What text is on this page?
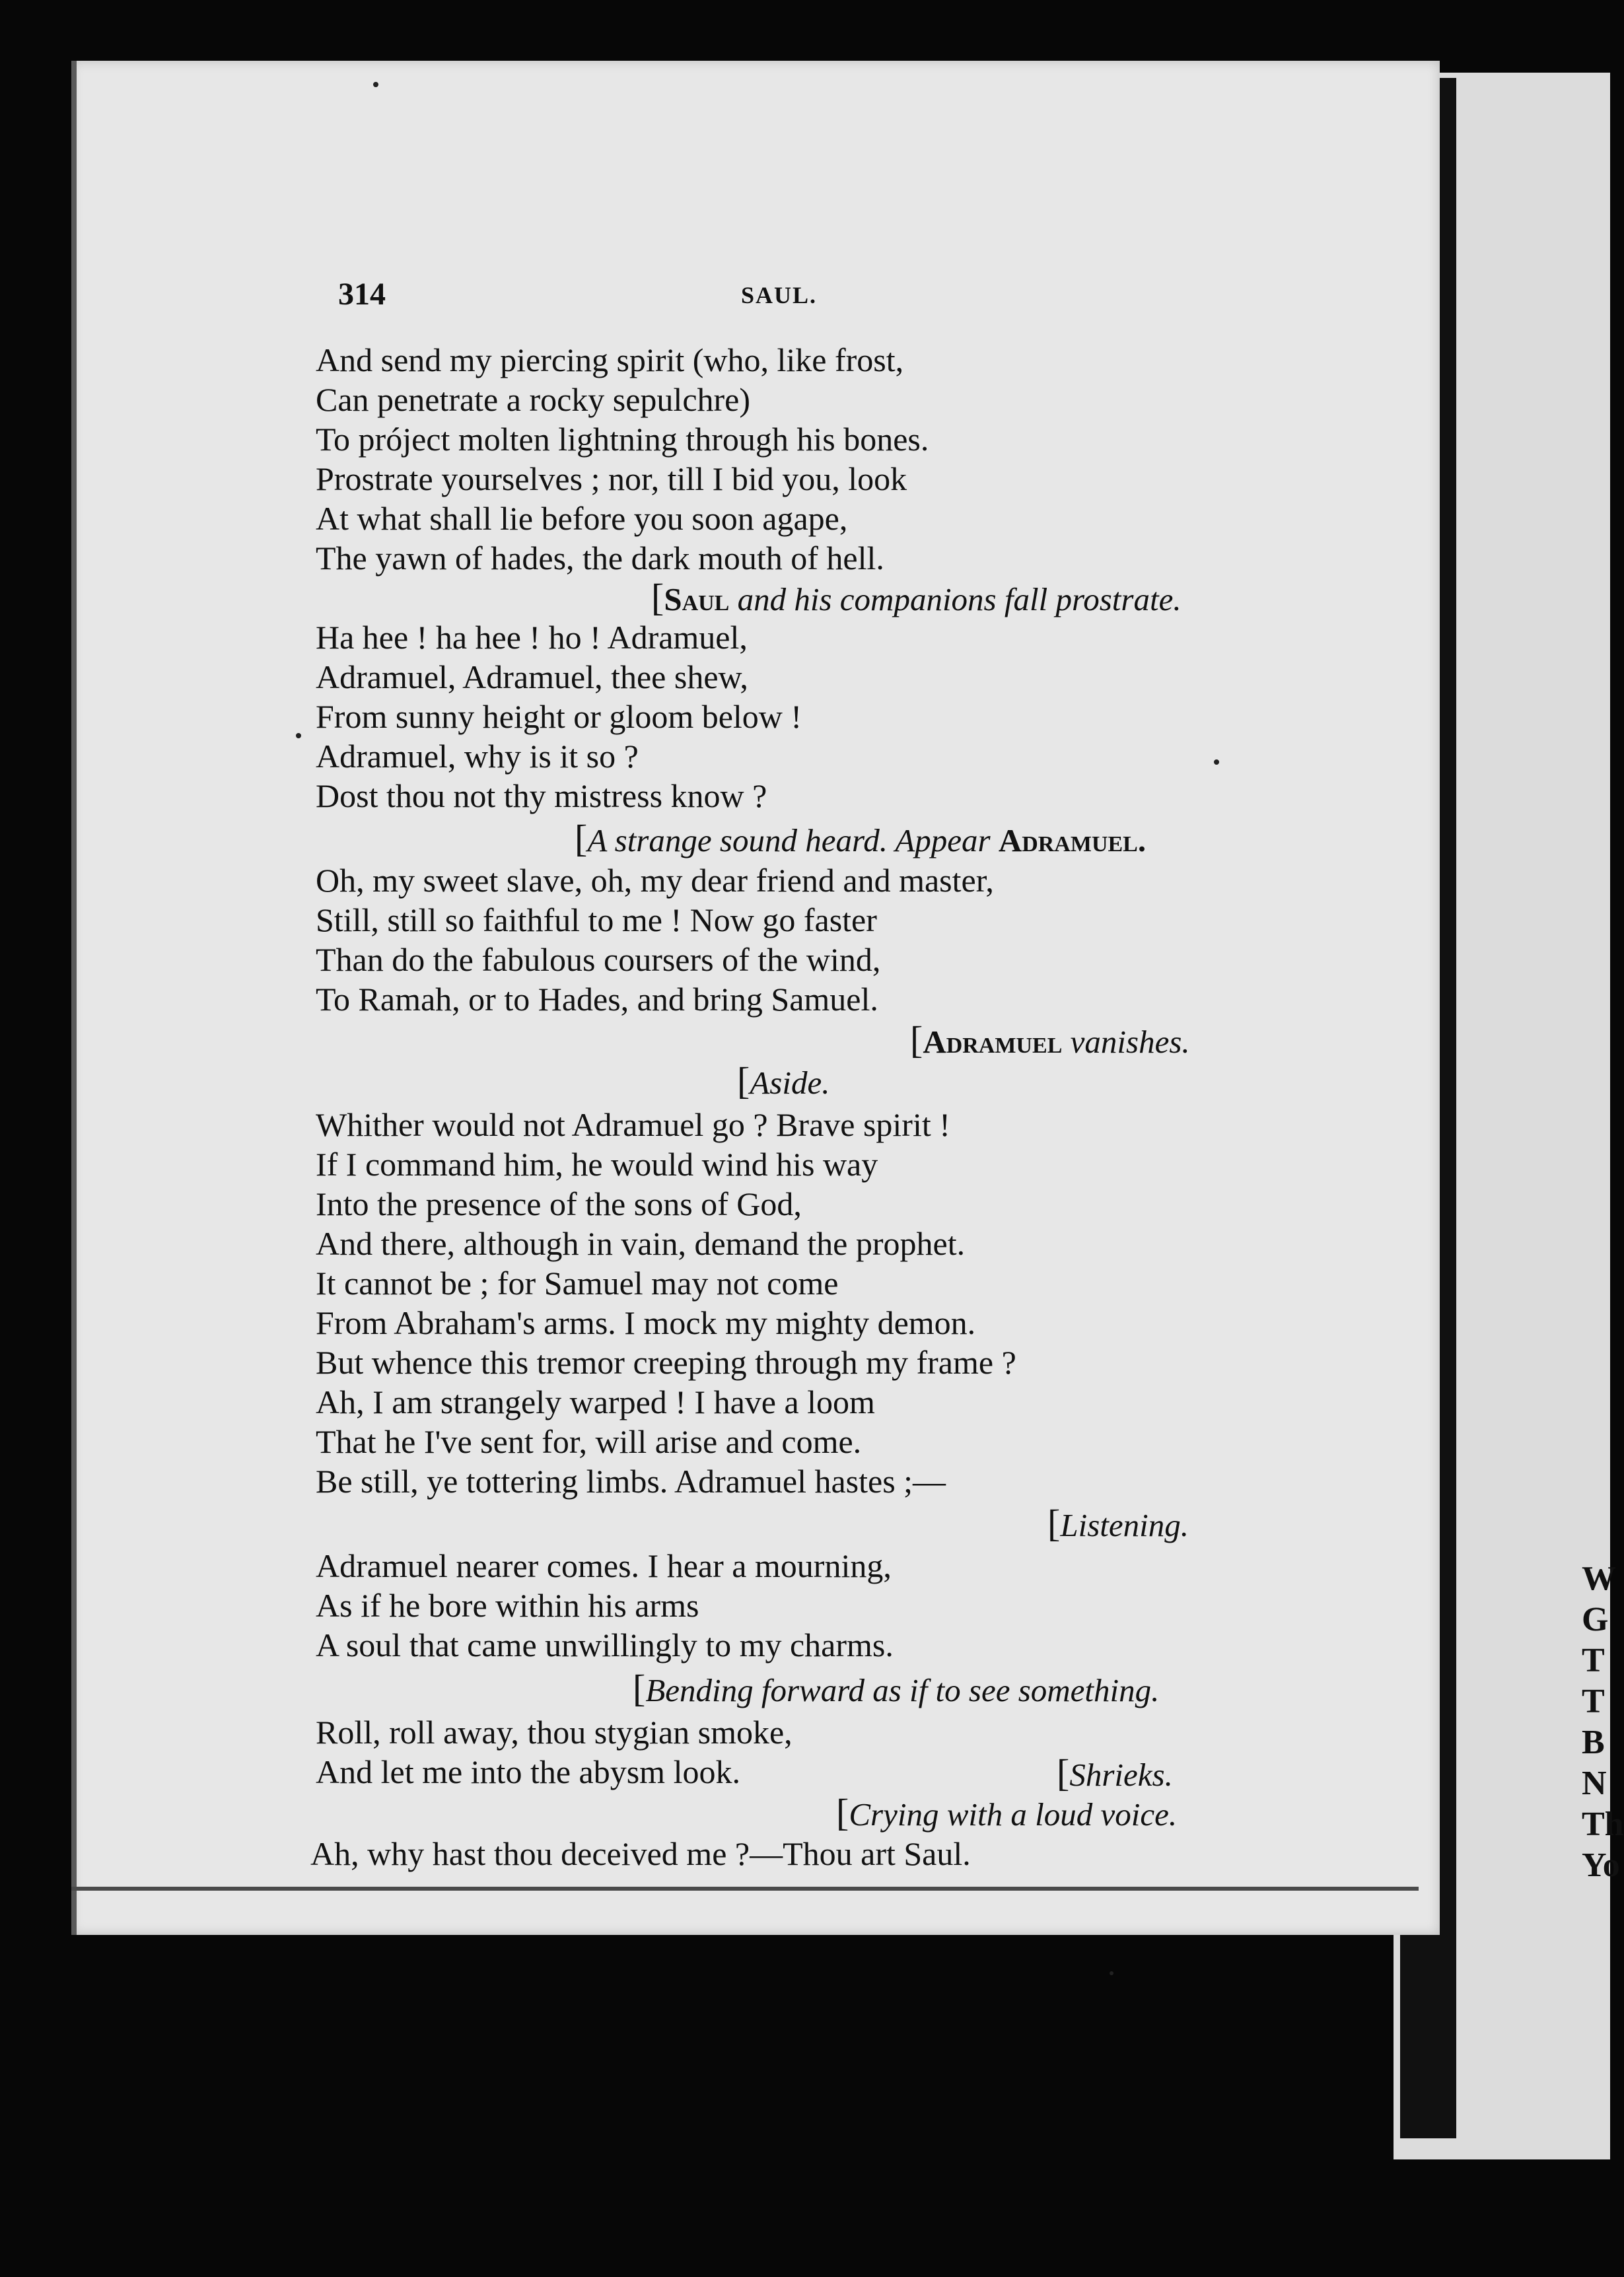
314	SAUL.
And send my piercing spirit (who, like frost,
Can penetrate a rocky sepulchre)
To próject molten lightning through his bones.
Prostrate yourselves ; nor, till I bid you, look
At what shall lie before you soon agape,
The yawn of hades, the dark mouth of hell.
[Saul and his companions fall prostrate.
Ha hee ! ha hee ! ho ! Adramuel,
Adramuel, Adramuel, thee shew,
From sunny height or gloom below !
Adramuel, why is it so ?
Dost thou not thy mistress know ?
[A strange sound heard. Appear Adramuel.
Oh, my sweet slave, oh, my dear friend and master,
Still, still so faithful to me ! Now go faster
Than do the fabulous coursers of the wind,
To Ramah, or to Hades, and bring Samuel.
[Adramuel vanishes.
[Aside.
Whither would not Adramuel go ? Brave spirit !
If I command him, he would wind his way
Into the presence of the sons of God,
And there, although in vain, demand the prophet.
It cannot be ; for Samuel may not come
From Abraham's arms. I mock my mighty demon.
But whence this tremor creeping through my frame ?
Ah, I am strangely warped ! I have a loom
That he I've sent for, will arise and come.
Be still, ye tottering limbs. Adramuel hastes ;—
[Listening.
Adramuel nearer comes. I hear a mourning,
As if he bore within his arms
A soul that came unwillingly to my charms.
[Bending forward as if to see something.
Roll, roll away, thou stygian smoke,
And let me into the abysm look.	[Shrieks.
[Crying with a loud voice.
Ah, why hast thou deceived me ?—Thou art Saul.
W
G
T
T
B
N
Th
Yo
